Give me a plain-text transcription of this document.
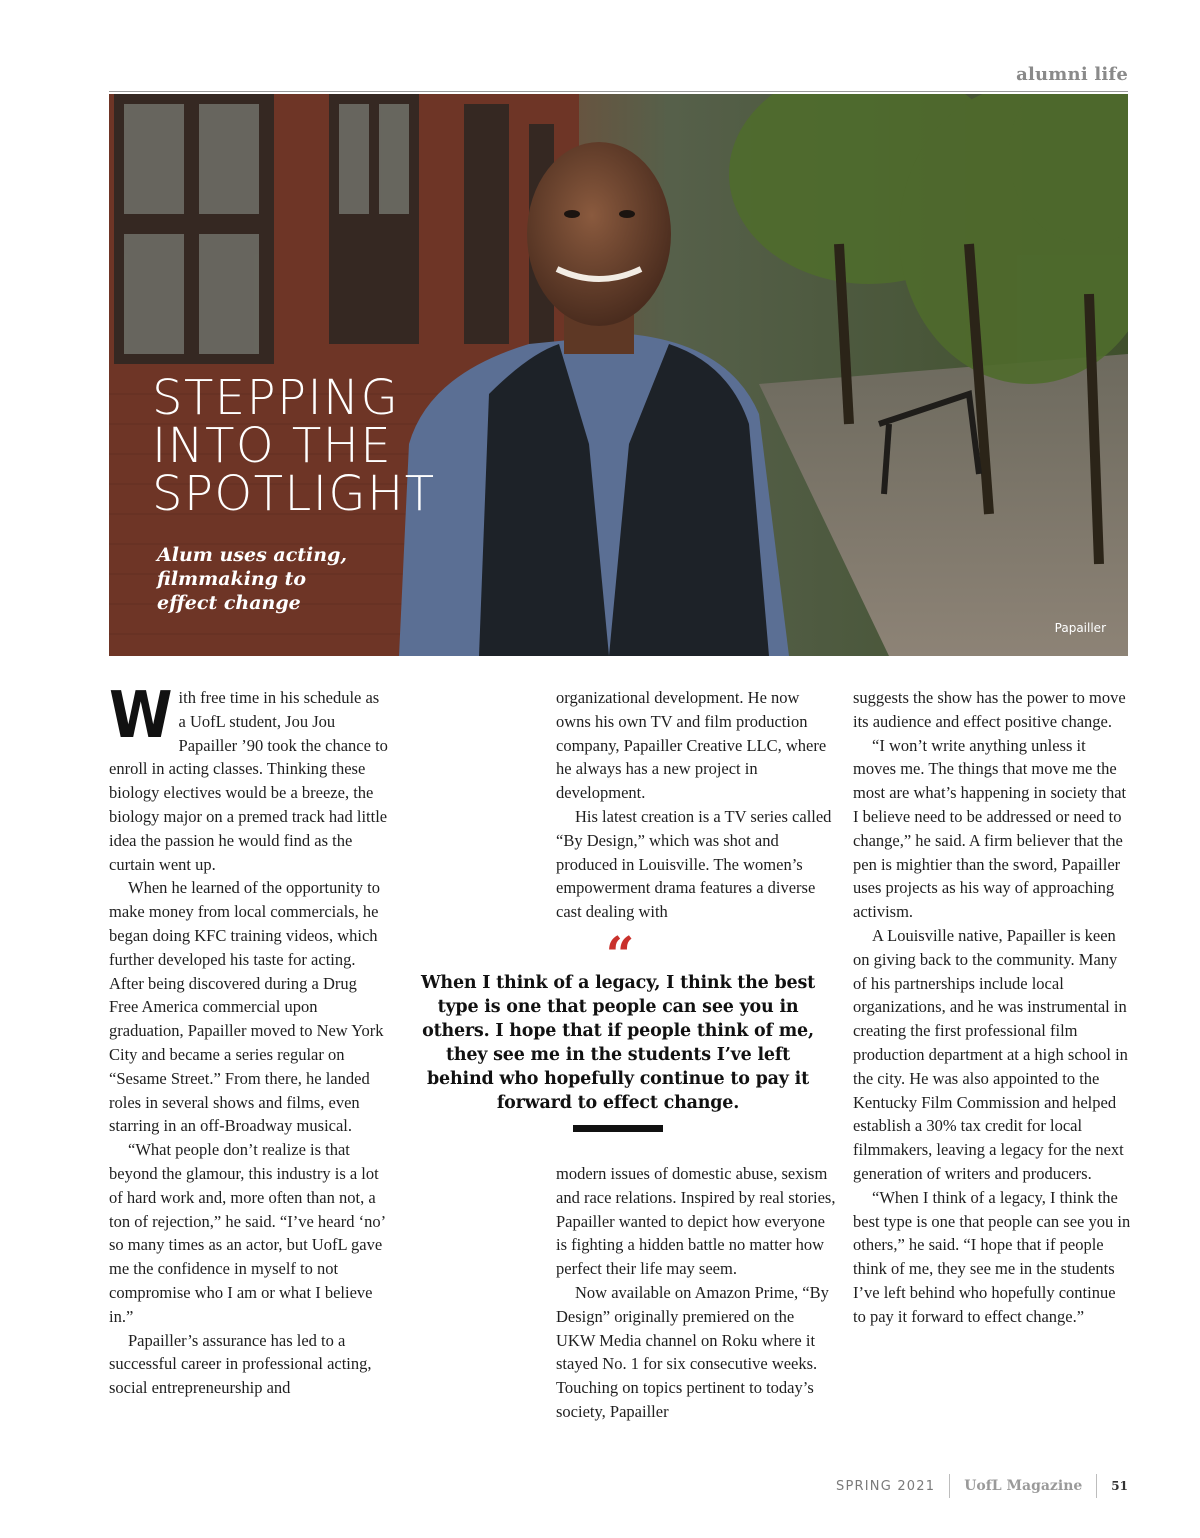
alumni life
STEPPING
INTO THE
SPOTLIGHT
Alum uses acting,
filmmaking to
effect change
Papailler

With free time in his schedule as a UofL student, Jou Jou Papailler ’90 took the chance to enroll in acting classes. Thinking these biology electives would be a breeze, the biology major on a premed track had little idea the passion he would find as the curtain went up.

When he learned of the opportunity to make money from local commercials, he began doing KFC training videos, which further developed his taste for acting. After being discovered during a Drug Free America commercial upon graduation, Papailler moved to New York City and became a series regular on “Sesame Street.” From there, he landed roles in several shows and films, even starring in an off-Broadway musical.

“What people don’t realize is that beyond the glamour, this industry is a lot of hard work and, more often than not, a ton of rejection,” he said. “I’ve heard ‘no’ so many times as an actor, but UofL gave me the confidence in myself to not compromise who I am or what I believe in.”

Papailler’s assurance has led to a successful career in professional acting, social entrepreneurship and

organizational development. He now owns his own TV and film production company, Papailler Creative LLC, where he always has a new project in development.

His latest creation is a TV series called “By Design,” which was shot and produced in Louisville. The women’s empowerment drama features a diverse cast dealing with

“
When I think of a legacy, I think the best type is one that people can see you in others. I hope that if people think of me, they see me in the students I’ve left behind who hopefully continue to pay it forward to effect change.

modern issues of domestic abuse, sexism and race relations. Inspired by real stories, Papailler wanted to depict how everyone is fighting a hidden battle no matter how perfect their life may seem.

Now available on Amazon Prime, “By Design” originally premiered on the UKW Media channel on Roku where it stayed No. 1 for six consecutive weeks. Touching on topics pertinent to today’s society, Papailler

suggests the show has the power to move its audience and effect positive change.

“I won’t write anything unless it moves me. The things that move me the most are what’s happening in society that I believe need to be addressed or need to change,” he said. A firm believer that the pen is mightier than the sword, Papailler uses projects as his way of approaching activism.

A Louisville native, Papailler is keen on giving back to the community. Many of his partnerships include local organizations, and he was instrumental in creating the first professional film production department at a high school in the city. He was also appointed to the Kentucky Film Commission and helped establish a 30% tax credit for local filmmakers, leaving a legacy for the next generation of writers and producers.

“When I think of a legacy, I think the best type is one that people can see you in others,” he said. “I hope that if people think of me, they see me in the students I’ve left behind who hopefully continue to pay it forward to effect change.”

SPRING 2021	UofL Magazine	51
